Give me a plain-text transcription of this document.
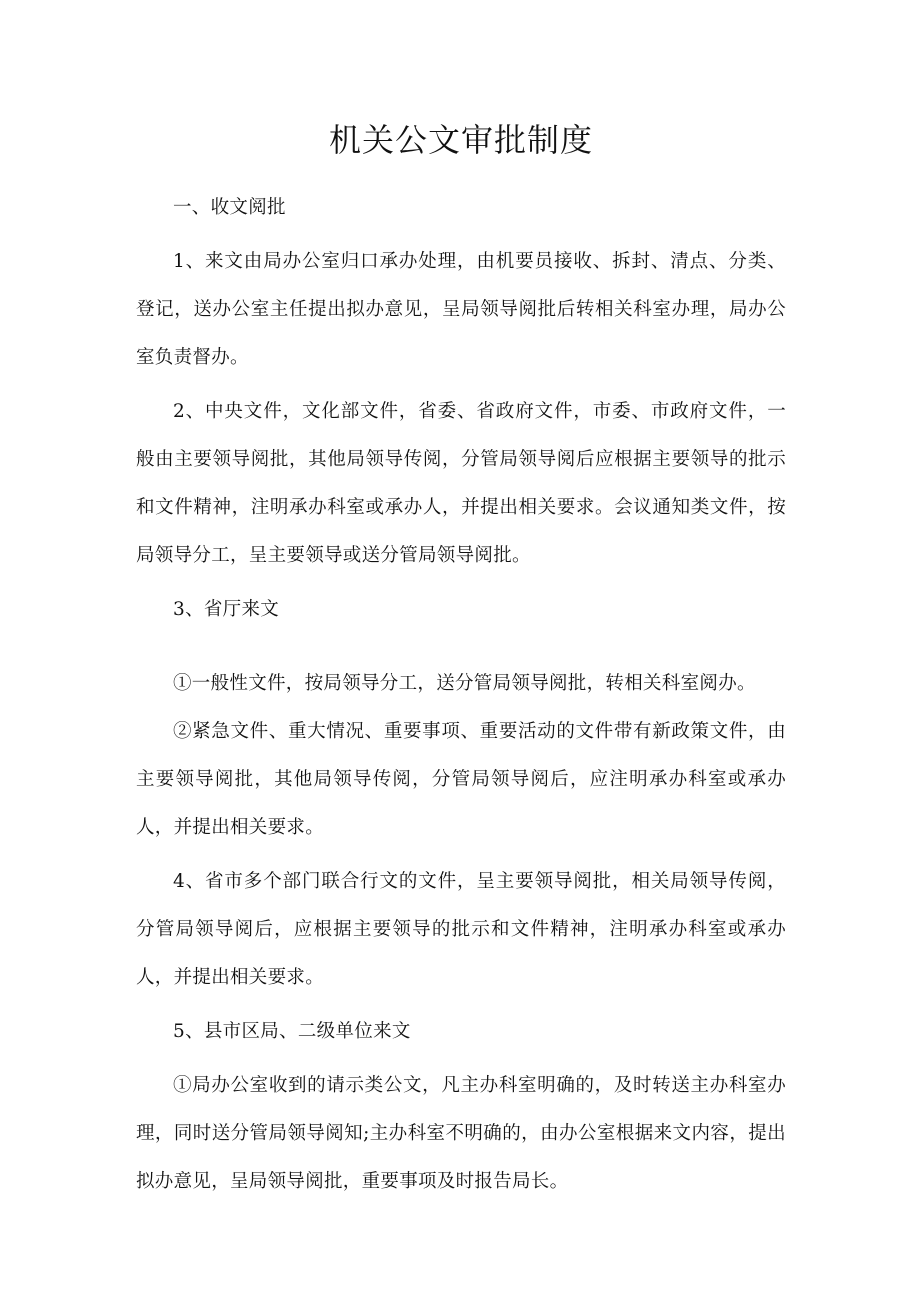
机关公文审批制度

一、收文阅批

1、来文由局办公室归口承办处理，由机要员接收、拆封、清点、分类、登记，送办公室主任提出拟办意见，呈局领导阅批后转相关科室办理，局办公室负责督办。

2、中央文件，文化部文件，省委、省政府文件，市委、市政府文件，一般由主要领导阅批，其他局领导传阅，分管局领导阅后应根据主要领导的批示和文件精神，注明承办科室或承办人，并提出相关要求。会议通知类文件，按局领导分工，呈主要领导或送分管局领导阅批。

3、省厅来文

①一般性文件，按局领导分工，送分管局领导阅批，转相关科室阅办。

②紧急文件、重大情况、重要事项、重要活动的文件带有新政策文件，由主要领导阅批，其他局领导传阅，分管局领导阅后，应注明承办科室或承办人，并提出相关要求。

4、省市多个部门联合行文的文件，呈主要领导阅批，相关局领导传阅，分管局领导阅后，应根据主要领导的批示和文件精神，注明承办科室或承办人，并提出相关要求。

5、县市区局、二级单位来文

①局办公室收到的请示类公文，凡主办科室明确的，及时转送主办科室办理，同时送分管局领导阅知;主办科室不明确的，由办公室根据来文内容，提出拟办意见，呈局领导阅批，重要事项及时报告局长。
